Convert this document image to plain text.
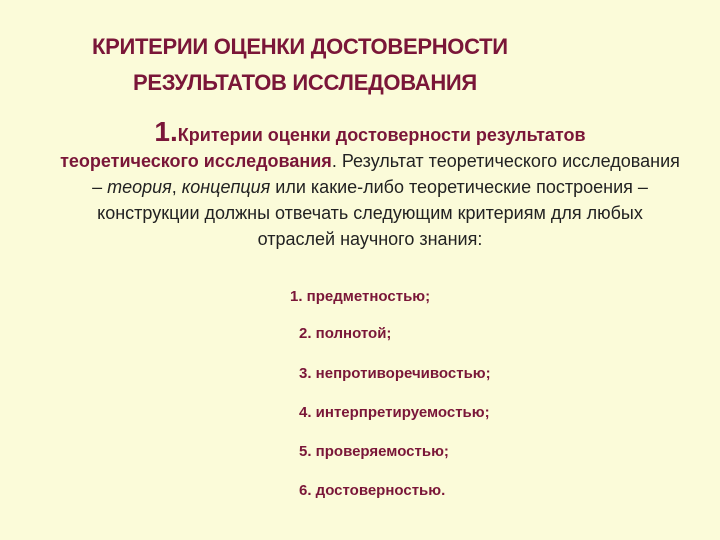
КРИТЕРИИ ОЦЕНКИ ДОСТОВЕРНОСТИ
РЕЗУЛЬТАТОВ ИССЛЕДОВАНИЯ
1.Критерии оценки достоверности результатов
теоретического исследования. Результат теоретического исследования – теория, концепция или какие-либо теоретические построения – конструкции должны отвечать следующим критериям для любых отраслей научного знания:
1. предметностью;
2. полнотой;
3. непротиворечивостью;
4. интерпретируемостью;
5. проверяемостью;
6. достоверностью.
